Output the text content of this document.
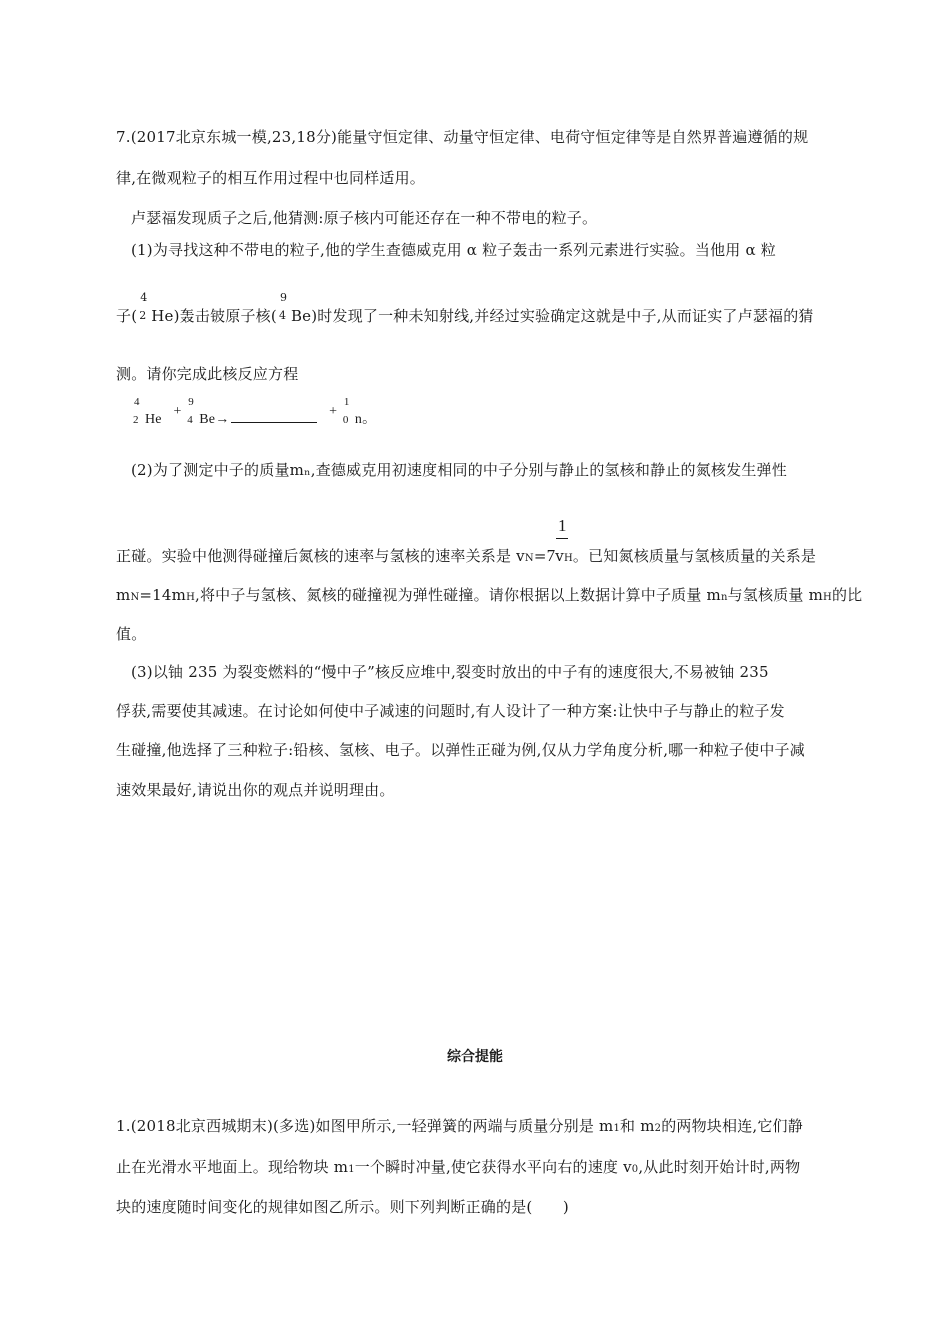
7.(2017北京东城一模,23,18分)能量守恒定律、动量守恒定律、电荷守恒定律等是自然界普遍遵循的规
律,在微观粒子的相互作用过程中也同样适用。
卢瑟福发现质子之后,他猜测:原子核内可能还存在一种不带电的粒子。
(1)为寻找这种不带电的粒子,他的学生查德威克用 α 粒子轰击一系列元素进行实验。当他用 α 粒
子(
4
2 He)轰击铍原子核(
9
4 Be)时发现了一种未知射线,并经过实验确定这就是中子,从而证实了卢瑟福的猜
测。请你完成此核反应方程
4
2 He +
9
4 Be→ +
1
0 n。
(2)为了测定中子的质量mₙ,查德威克用初速度相同的中子分别与静止的氢核和静止的氮核发生弹性
1
正碰。实验中他测得碰撞后氮核的速率与氢核的速率关系是 vN=7vH。已知氮核质量与氢核质量的关系是
mN=14mH,将中子与氢核、氮核的碰撞视为弹性碰撞。请你根据以上数据计算中子质量 mn与氢核质量 mH的比
值。
(3)以铀 235 为裂变燃料的“慢中子”核反应堆中,裂变时放出的中子有的速度很大,不易被铀 235
俘获,需要使其减速。在讨论如何使中子减速的问题时,有人设计了一种方案:让快中子与静止的粒子发
生碰撞,他选择了三种粒子:铅核、氢核、电子。以弹性正碰为例,仅从力学角度分析,哪一种粒子使中子减
速效果最好,请说出你的观点并说明理由。
综合提能
1.(2018北京西城期末)(多选)如图甲所示,一轻弹簧的两端与质量分别是 m1和 m2的两物块相连,它们静
止在光滑水平地面上。现给物块 m1一个瞬时冲量,使它获得水平向右的速度 v0,从此时刻开始计时,两物
块的速度随时间变化的规律如图乙所示。则下列判断正确的是(　　)
